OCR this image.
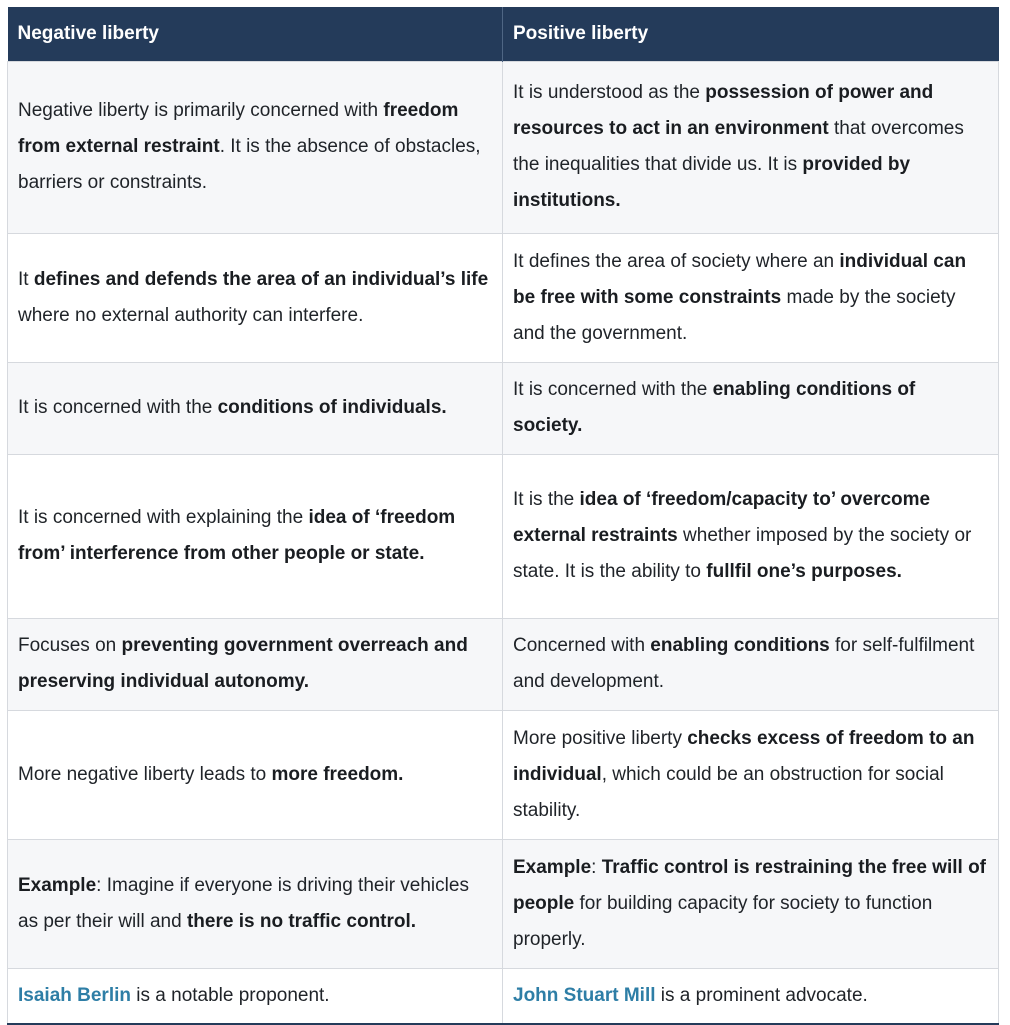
Negative liberty	Positive liberty
Negative liberty is primarily concerned with freedom from external restraint. It is the absence of obstacles, barriers or constraints.	It is understood as the possession of power and resources to act in an environment that overcomes the inequalities that divide us. It is provided by institutions.
It defines and defends the area of an individual’s life where no external authority can interfere.	It defines the area of society where an individual can be free with some constraints made by the society and the government.
It is concerned with the conditions of individuals.	It is concerned with the enabling conditions of society.
It is concerned with explaining the idea of ‘freedom from’ interference from other people or state.	It is the idea of ‘freedom/capacity to’ overcome external restraints whether imposed by the society or state. It is the ability to fullfil one’s purposes.
Focuses on preventing government overreach and preserving individual autonomy.	Concerned with enabling conditions for self-fulfilment and development.
More negative liberty leads to more freedom.	More positive liberty checks excess of freedom to an individual, which could be an obstruction for social stability.
Example: Imagine if everyone is driving their vehicles as per their will and there is no traffic control.	Example: Traffic control is restraining the free will of people for building capacity for society to function properly.
Isaiah Berlin is a notable proponent.	John Stuart Mill is a prominent advocate.
